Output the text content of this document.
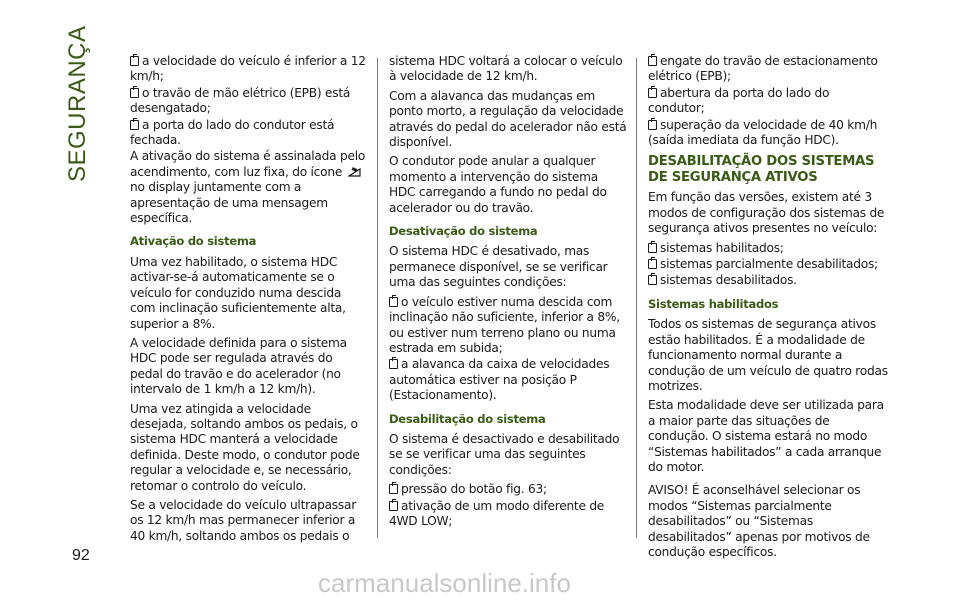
SEGURANÇA
92
a velocidade do veículo é inferior a 12 km/h;
o travão de mão elétrico (EPB) está desengatado;
a porta do lado do condutor está fechada.
A ativação do sistema é assinalada pelo acendimento, com luz fixa, do ícone  no display juntamente com a apresentação de uma mensagem específica.
Ativação do sistema
Uma vez habilitado, o sistema HDC activar-se-á automaticamente se o veículo for conduzido numa descida com inclinação suficientemente alta, superior a 8%.
A velocidade definida para o sistema HDC pode ser regulada através do pedal do travão e do acelerador (no intervalo de 1 km/h a 12 km/h).
Uma vez atingida a velocidade desejada, soltando ambos os pedais, o sistema HDC manterá a velocidade definida. Deste modo, o condutor pode regular a velocidade e, se necessário, retomar o controlo do veículo.
Se a velocidade do veículo ultrapassar os 12 km/h mas permanecer inferior a 40 km/h, soltando ambos os pedais o
sistema HDC voltará a colocar o veículo à velocidade de 12 km/h.
Com a alavanca das mudanças em ponto morto, a regulação da velocidade através do pedal do acelerador não está disponível.
O condutor pode anular a qualquer momento a intervenção do sistema HDC carregando a fundo no pedal do acelerador ou do travão.
Desativação do sistema
O sistema HDC é desativado, mas permanece disponível, se se verificar uma das seguintes condições:
o veículo estiver numa descida com inclinação não suficiente, inferior a 8%, ou estiver num terreno plano ou numa estrada em subida;
a alavanca da caixa de velocidades automática estiver na posição P (Estacionamento).
Desabilitação do sistema
O sistema é desactivado e desabilitado se se verificar uma das seguintes condições:
pressão do botão fig. 63;
ativação de um modo diferente de 4WD LOW;
engate do travão de estacionamento elétrico (EPB);
abertura da porta do lado do condutor;
superação da velocidade de 40 km/h (saída imediata da função HDC).
DESABILITAÇÃO DOS SISTEMAS DE SEGURANÇA ATIVOS
Em função das versões, existem até 3 modos de configuração dos sistemas de segurança ativos presentes no veículo:
sistemas habilitados;
sistemas parcialmente desabilitados;
sistemas desabilitados.
Sistemas habilitados
Todos os sistemas de segurança ativos estão habilitados. É a modalidade de funcionamento normal durante a condução de um veículo de quatro rodas motrizes.
Esta modalidade deve ser utilizada para a maior parte das situações de condução. O sistema estará no modo “Sistemas habilitados” a cada arranque do motor.
AVISO! É aconselhável selecionar os modos “Sistemas parcialmente desabilitados” ou “Sistemas desabilitados” apenas por motivos de condução específicos.
carmanualsonline.info
